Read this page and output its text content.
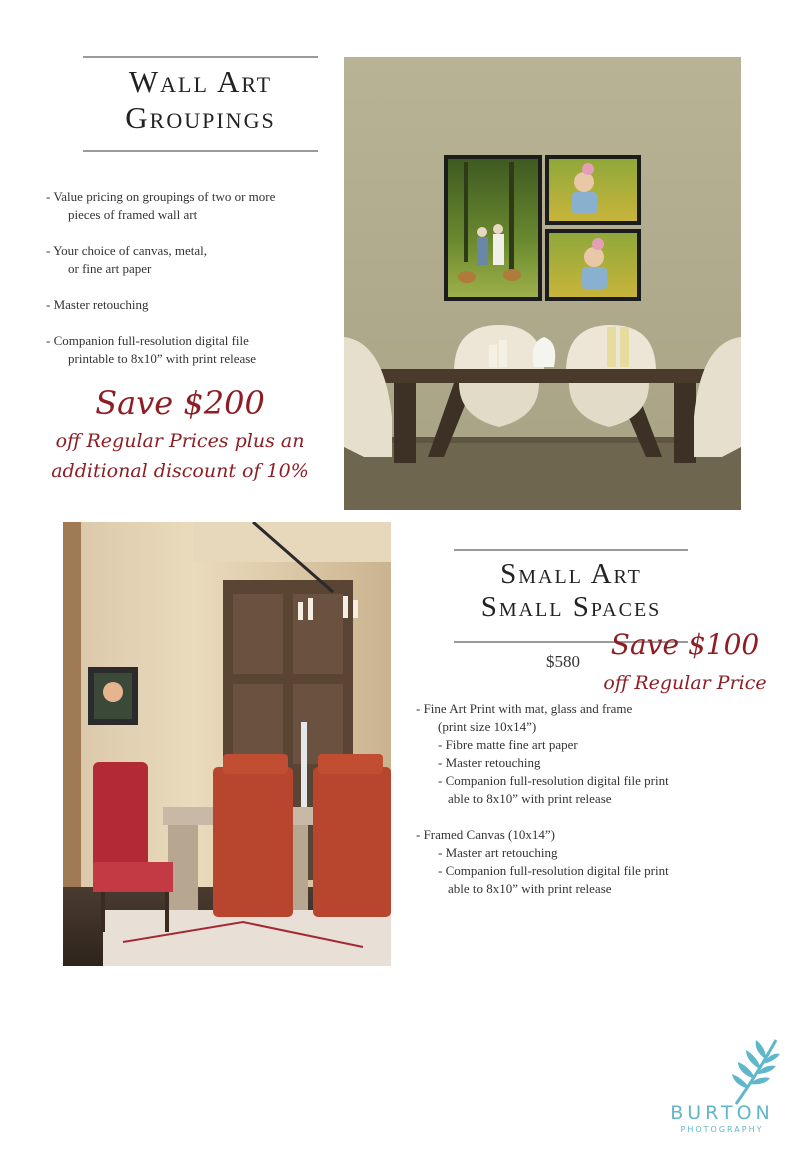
Wall Art
Groupings
- Value pricing on groupings of two or more
pieces of framed wall art
- Your choice of canvas, metal,
or fine art paper
- Master retouching
- Companion full-resolution digital file
printable to 8x10” with print release
Save $200
off Regular Prices plus an
additional discount of 10%
Small Art
Small Spaces
$580
Save $100
off Regular Price
- Fine Art Print with mat, glass and frame
(print size 10x14”)
- Fibre matte fine art paper
- Master retouching
- Companion full-resolution digital file print
able to 8x10” with print release
- Framed Canvas (10x14”)
- Master art retouching
- Companion full-resolution digital file print
able to 8x10” with print release
BURTON
PHOTOGRAPHY
